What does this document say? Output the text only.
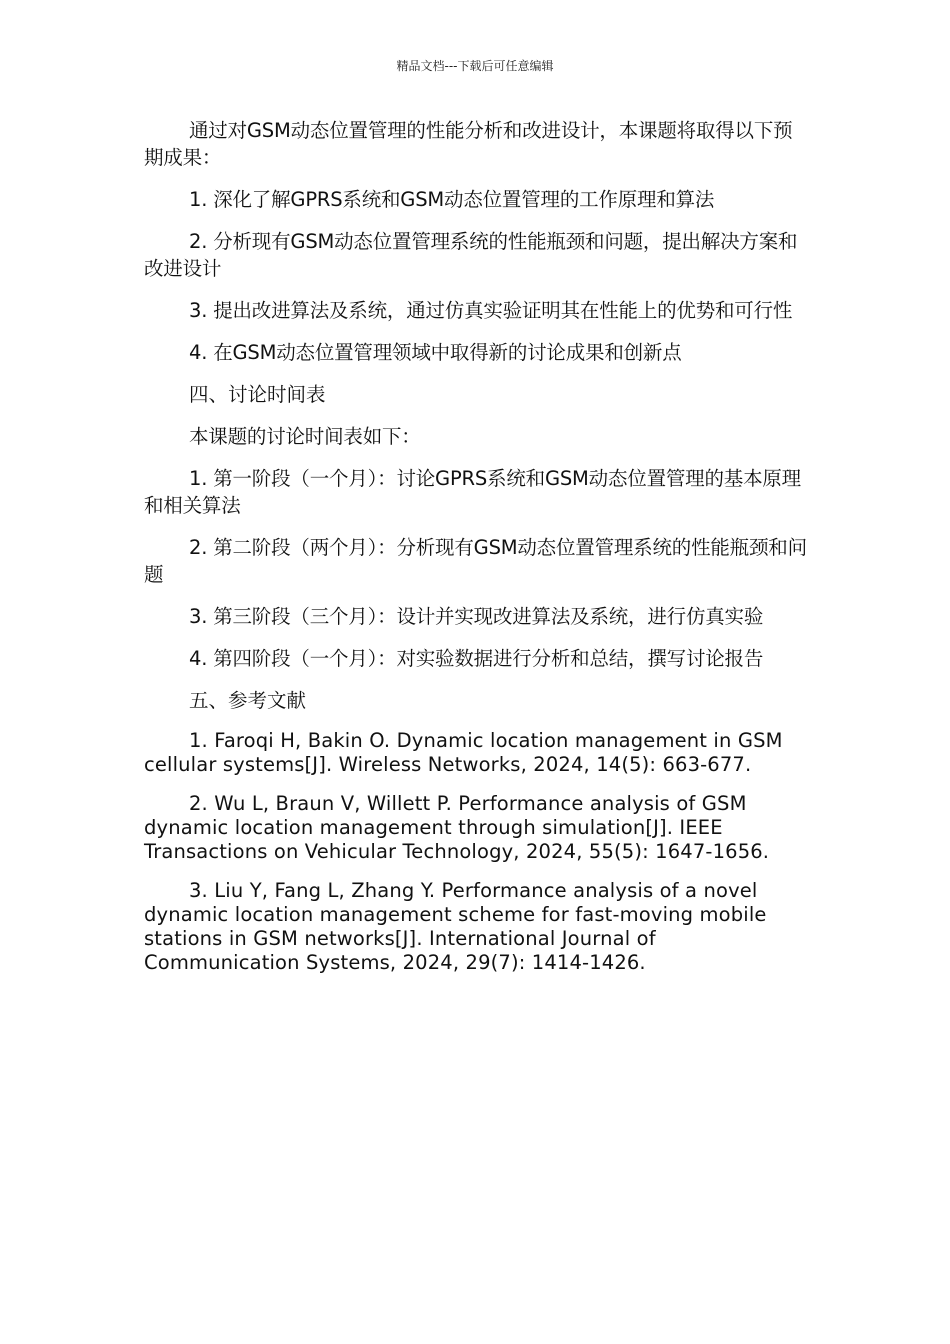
精品文档---下载后可任意编辑

通过对GSM动态位置管理的性能分析和改进设计，本课题将取得以下预期成果：

1. 深化了解GPRS系统和GSM动态位置管理的工作原理和算法

2. 分析现有GSM动态位置管理系统的性能瓶颈和问题，提出解决方案和改进设计

3. 提出改进算法及系统，通过仿真实验证明其在性能上的优势和可行性

4. 在GSM动态位置管理领域中取得新的讨论成果和创新点

四、讨论时间表

本课题的讨论时间表如下：

1. 第一阶段（一个月）：讨论GPRS系统和GSM动态位置管理的基本原理和相关算法

2. 第二阶段（两个月）：分析现有GSM动态位置管理系统的性能瓶颈和问题

3. 第三阶段（三个月）：设计并实现改进算法及系统，进行仿真实验

4. 第四阶段（一个月）：对实验数据进行分析和总结，撰写讨论报告

五、参考文献

1. Faroqi H, Bakin O. Dynamic location management in GSM cellular systems[J]. Wireless Networks, 2024, 14(5): 663-677.

2. Wu L, Braun V, Willett P. Performance analysis of GSM dynamic location management through simulation[J]. IEEE Transactions on Vehicular Technology, 2024, 55(5): 1647-1656.

3. Liu Y, Fang L, Zhang Y. Performance analysis of a novel dynamic location management scheme for fast-moving mobile stations in GSM networks[J]. International Journal of Communication Systems, 2024, 29(7): 1414-1426.
